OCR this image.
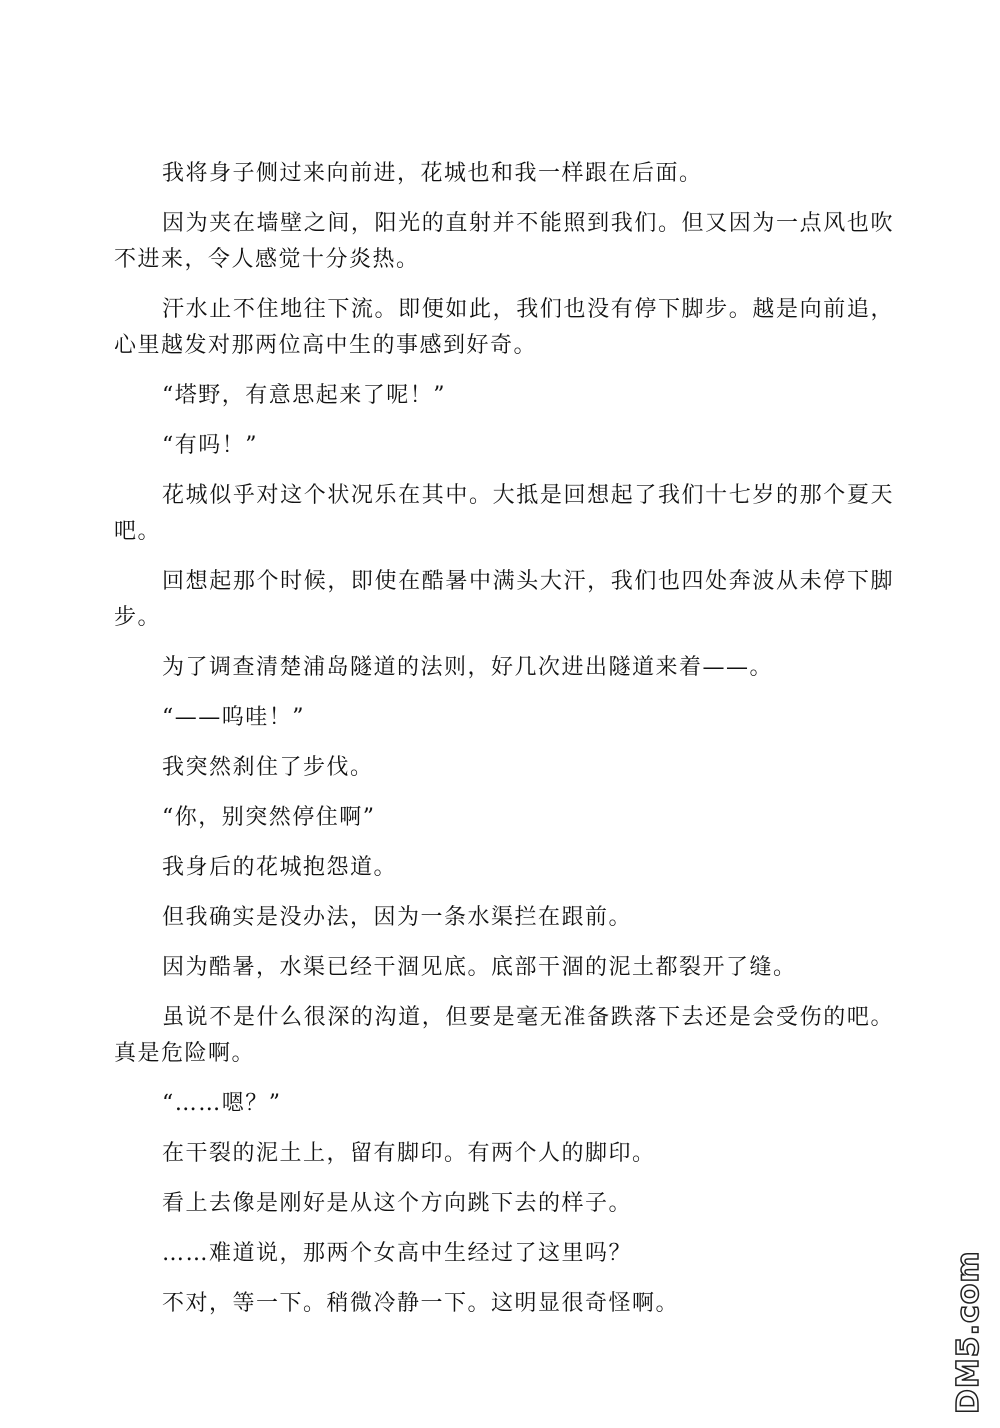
我将身子侧过来向前进，花城也和我一样跟在后面。

因为夹在墙壁之间，阳光的直射并不能照到我们。但又因为一点风也吹不进来，令人感觉十分炎热。

汗水止不住地往下流。即便如此，我们也没有停下脚步。越是向前追，心里越发对那两位高中生的事感到好奇。

“塔野，有意思起来了呢！”

“有吗！”

花城似乎对这个状况乐在其中。大抵是回想起了我们十七岁的那个夏天吧。

回想起那个时候，即使在酷暑中满头大汗，我们也四处奔波从未停下脚步。

为了调查清楚浦岛隧道的法则，好几次进出隧道来着——。

“——呜哇！”

我突然刹住了步伐。

“你，别突然停住啊”

我身后的花城抱怨道。

但我确实是没办法，因为一条水渠拦在跟前。

因为酷暑，水渠已经干涸见底。底部干涸的泥土都裂开了缝。

虽说不是什么很深的沟道，但要是毫无准备跌落下去还是会受伤的吧。真是危险啊。

“……嗯？”

在干裂的泥土上，留有脚印。有两个人的脚印。

看上去像是刚好是从这个方向跳下去的样子。

……难道说，那两个女高中生经过了这里吗？

不对，等一下。稍微冷静一下。这明显很奇怪啊。	DM5.com
